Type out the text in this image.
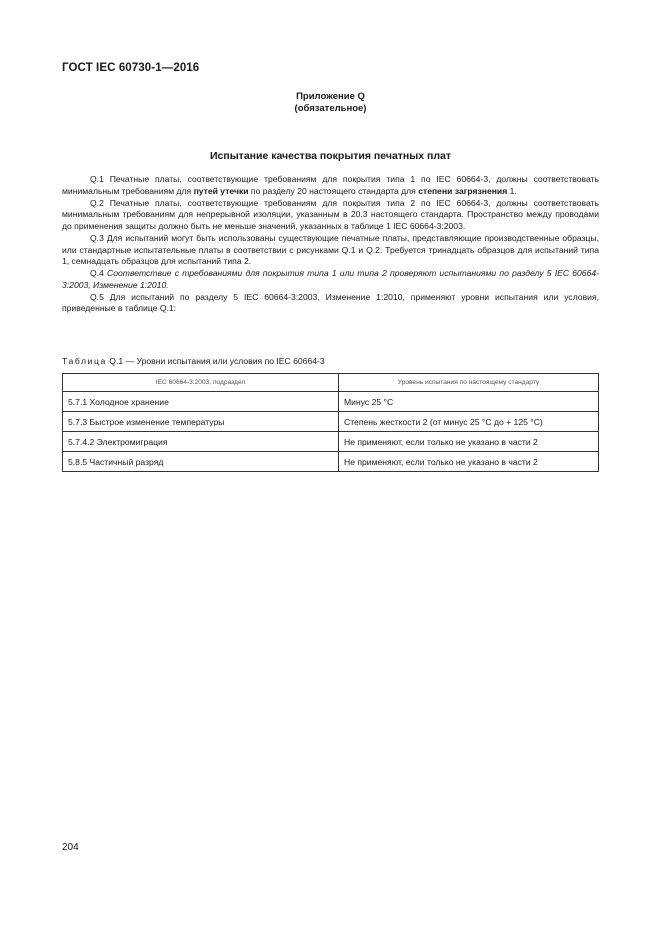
ГОСТ IEC 60730-1—2016
Приложение Q
(обязательное)
Испытание качества покрытия печатных плат

Q.1 Печатные платы, соответствующие требованиям для покрытия типа 1 по IEC 60664-3, должны соответствовать минимальным требованиям для путей утечки по разделу 20 настоящего стандарта для степени загрязнения 1.

Q.2 Печатные платы, соответствующие требованиям для покрытия типа 2 по IEC 60664-3, должны соответствовать минимальным требованиям для непрерывной изоляции, указанным в 20.3 настоящего стандарта. Пространство между проводами до применения защиты должно быть не меньше значений, указанных в таблице 1 IEC 60664-3:2003.

Q.3 Для испытаний могут быть использованы существующие печатные платы, представляющие производственные образцы, или стандартные испытательные платы в соответствии с рисунками Q.1 и Q.2. Требуется тринадцать образцов для испытаний типа 1, семнадцать образцов для испытаний типа 2.

Q.4 Соответствие с требованиями для покрытия типа 1 или типа 2 проверяют испытаниями по разделу 5 IEC 60664-3:2003, Изменение 1:2010.

Q.5 Для испытаний по разделу 5 IEC 60664-3:2003, Изменение 1:2010, применяют уровни испытания или условия, приведенные в таблице Q.1:

Таблица Q.1 — Уровни испытания или условия по IEC 60664-3
IEC 60664-3:2003, подраздел	Уровень испытания по настоящему стандарту
5.7.1 Холодное хранение	Минус 25 °С
5.7.3 Быстрое изменение температуры	Степень жесткости 2 (от минус 25 °С до + 125 °С)
5.7.4.2 Электромиграция	Не применяют, если только не указано в части 2
5.8.5 Частичный разряд	Не применяют, если только не указано в части 2
204
